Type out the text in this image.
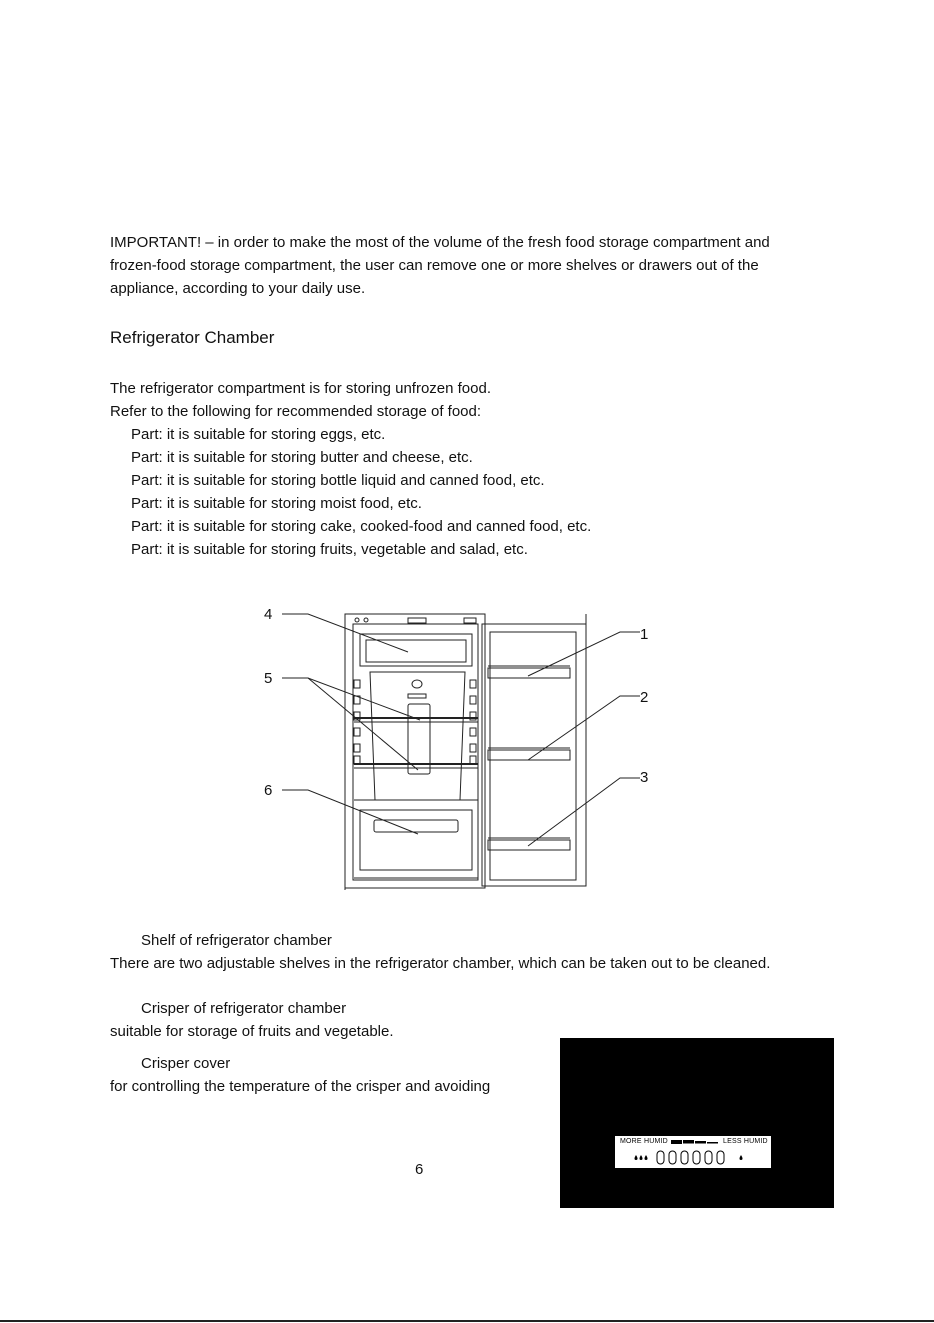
IMPORTANT! – in order to make the most of the volume of the fresh food storage compartment and frozen-food storage compartment, the user can remove one or more shelves or drawers out of the appliance, according to your daily use.
Refrigerator Chamber
The refrigerator compartment is for storing unfrozen food.
Refer to the following for recommended storage of food:
Part: it is suitable for storing eggs, etc.
Part: it is suitable for storing butter and cheese, etc.
Part: it is suitable for storing bottle liquid and canned food, etc.
Part: it is suitable for storing moist food, etc.
Part: it is suitable for storing cake, cooked-food and canned food, etc.
Part: it is suitable for storing fruits, vegetable and salad, etc.
4
5
6
1
2
3
Shelf of refrigerator chamber
There are two adjustable shelves in the refrigerator chamber, which can be taken out to be cleaned.
Crisper of refrigerator chamber
suitable for storage of fruits and vegetable.
Crisper cover
for controlling the temperature of the crisper and avoiding
6
MORE HUMID	LESS HUMID
